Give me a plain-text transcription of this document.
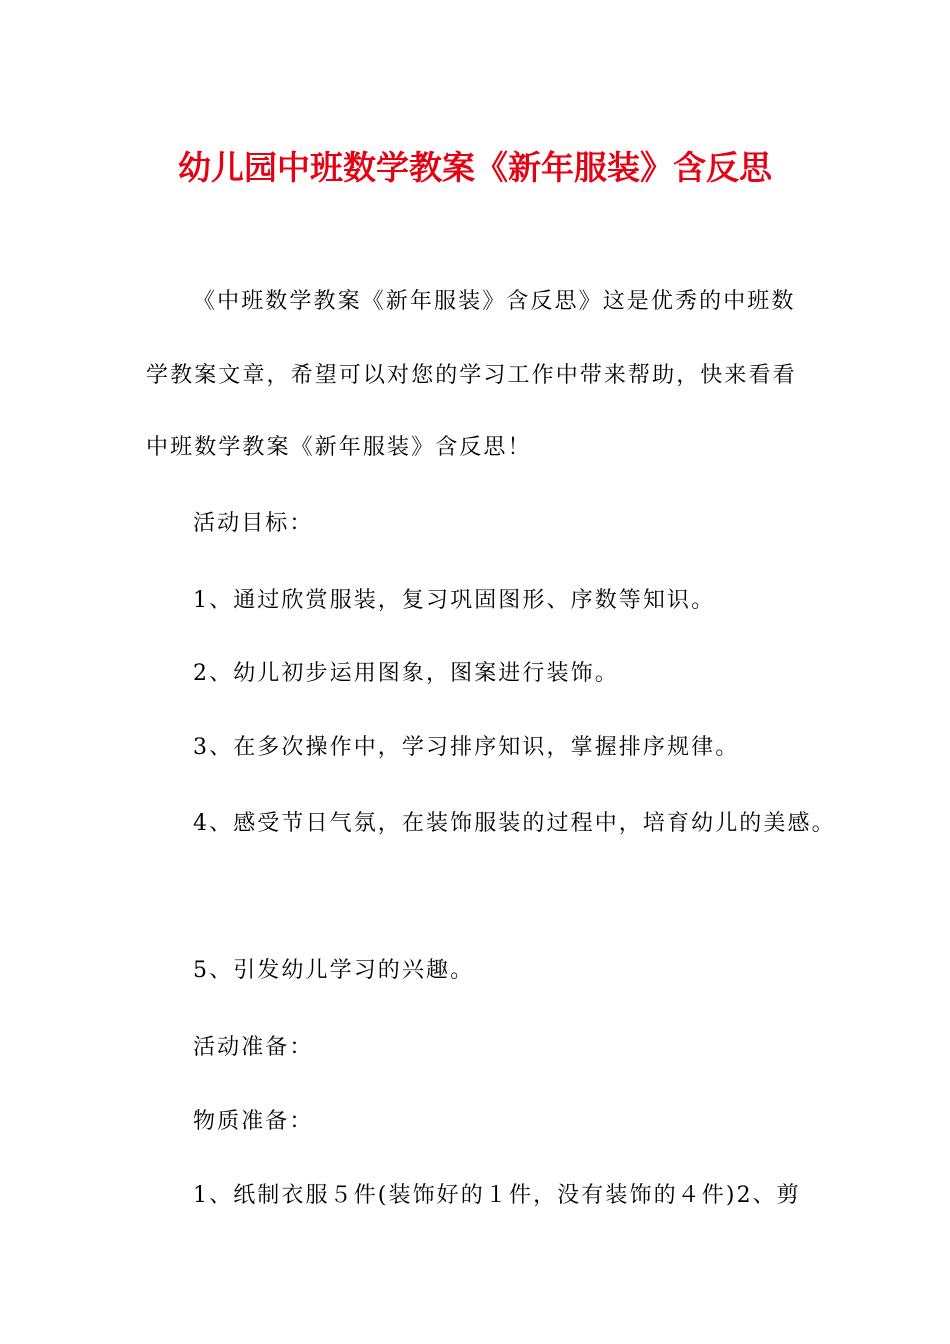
幼儿园中班数学教案《新年服装》含反思
《中班数学教案《新年服装》含反思》这是优秀的中班数
学教案文章，希望可以对您的学习工作中带来帮助，快来看看
中班数学教案《新年服装》含反思！
活动目标：
1、通过欣赏服装，复习巩固图形、序数等知识。
2、幼儿初步运用图象，图案进行装饰。
3、在多次操作中，学习排序知识，掌握排序规律。
4、感受节日气氛，在装饰服装的过程中，培育幼儿的美感。
5、引发幼儿学习的兴趣。
活动准备：
物质准备：
1、纸制衣服５件(装饰好的１件，没有装饰的４件)2、剪
